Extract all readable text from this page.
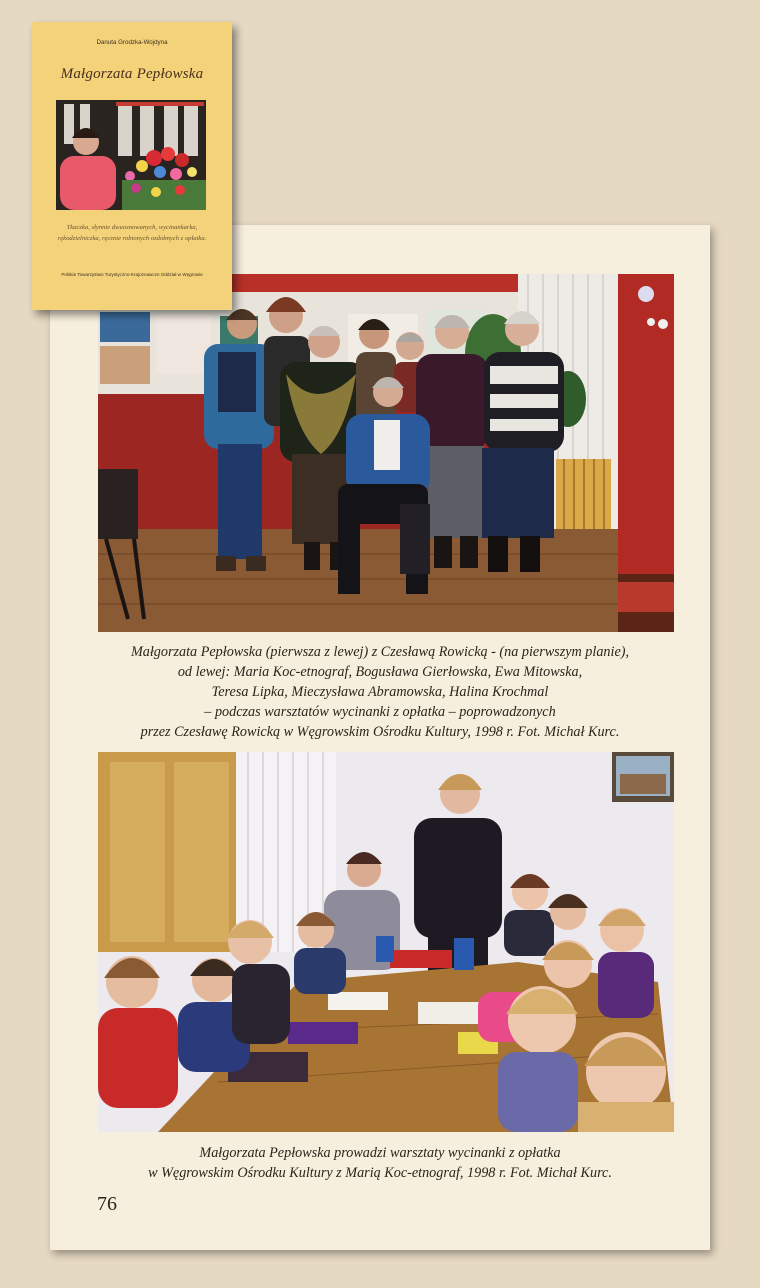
Małgorzata Pepłowska (pierwsza z lewej) z Czesławą Rowicką - (na pierwszym planie),
od lewej: Maria Koc-etnograf, Bogusława Gierłowska, Ewa Mitowska,
Teresa Lipka, Mieczysława Abramowska, Halina Krochmal
– podczas warsztatów wycinanki z opłatka – poprowadzonych
przez Czesławę Rowicką w Węgrowskim Ośrodku Kultury, 1998 r. Fot. Michał Kurc.
Małgorzata Pepłowska prowadzi warsztaty wycinanki z opłatka
w Węgrowskim Ośrodku Kultury z Marią Koc-etnograf, 1998 r. Fot. Michał Kurc.
76
Danuta Grodzka-Wojdyna
Małgorzata Pepłowska
Tkaczka, słynnie dwuosnowanych, wycinankarka,
rękodzielniczka, ręcznie robionych ozdobnych z opłatka.
Polskie Towarzystwo Turystyczno-Krajoznawcze Oddział w Węgrowie
